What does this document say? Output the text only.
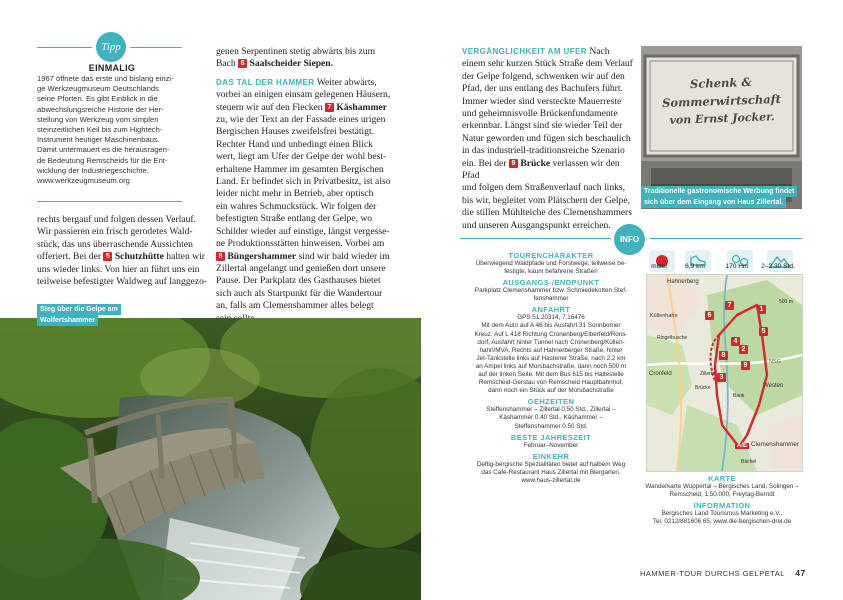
Tipp
EINMALIG
1967 öffnete das erste und bislang einzi-
ge Werkzeugmuseum Deutschlands
seine Pforten. Es gibt Einblick in die
abwechslungsreiche Historie der Her-
stellung von Werkzeug vom simplen
steinzeitlichen Keil bis zum Hightech-
Instrument heutiger Maschinenbaus.
Damit untermauert es die herausragen-
de Bedeutung Remscheids für die Ent-
wicklung der Industriegeschichte.
www.werkzeugmuseum.org
rechts bergauf und folgen dessen Verlauf.
Wir passieren ein frisch gerodetes Wald-
stück, das uns überraschende Aussichten
offeriert. Bei der 5 Schutzhütte halten wir
uns wieder links. Von hier an führt uns ein
teilweise befestigter Waldweg auf langgezo-
genen Serpentinen stetig abwärts bis zum
Bach 6 Saalscheider Siepen.
DAS TAL DER HAMMER Weiter abwärts,
vorbei an einigen einsam gelegenen Häusern,
steuern wir auf den Flecken 7 Käshammer
zu, wie der Text an der Fassade eines urigen
Bergischen Hauses zweifelsfrei bestätigt.
Rechter Hand und unbedingt einen Blick
wert, liegt am Ufer der Gelpe der wohl best-
erhaltene Hammer im gesamten Bergischen
Land. Er befindet sich in Privatbesitz, ist also
leider nicht mehr in Betrieb, aber optisch
ein wahres Schmuckstück. Wir folgen der
befestigten Straße entlang der Gelpe, wo
Schilder wieder auf einstige, längst vergesse-
ne Produktionsstätten hinweisen. Vorbei am
8 Büngershammer sind wir bald wieder im
Zillertal angelangt und genießen dort unsere
Pause. Der Parkplatz des Gasthauses bietet
sich auch als Startpunkt für die Wandertour
an, falls am Clemenshammer alles belegt
Steg über die Gelpe am
Wolfertshammer
VERGÄNGLICHKEIT AM UFER Nach
einem sehr kurzen Stück Straße dem Verlauf
der Gelpe folgend, schwenken wir auf den
Pfad, der uns entlang des Bachufers führt.
Immer wieder sind versteckte Mauerreste
und geheimnisvolle Brückenfundamente
erkennbar. Längst sind sie wieder Teil der
Natur geworden und fügen sich beschaulich
in das industriell-traditionsreiche Szenario
ein. Bei der 9 Brücke verlassen wir den Pfad
und folgen dem Straßenverlauf nach links,
bis wir, begleitet vom Plätschern der Gelpe,
die stillen Mühlteiche des Clemenshammers
und unseren Ausgangspunkt erreichen.
Schenk & Sommerwirtschaft
von Ernst Jocker.
Traditionelle gastronomische Werbung findet
sich über dem Eingang von Haus Zillertal.
INFO
TOURENCHARAKTER
Überwiegend Waldpfade und Forstwege; teilweise be-
festigte, kaum befahrene Straßen
AUSGANGS-/ENDPUNKT
Parkplatz Clemenshammer bzw. Schmiedekotten Stef-
fenshammer
ANFAHRT
GPS 51.20314, 7.16476
Mit dem Auto auf A 46 bis Ausfahrt 31 Sonnborner
Kreuz. Auf L 418 Richtung Cronenberg/Elberfeld/Rons-
dorf, Ausfahrt hinter Tunnel nach Cronenberg/Küllen-
hahn/MVA. Rechts auf Hahnerberger Straße, hinter
Jet-Tankstelle links auf Hastener Straße, nach 2,2 km
an Ampel links auf Morsbachstraße, dann noch 500 m
auf der linken Seite. Mit dem Bus 615 bis Haltestelle
Remscheid-Gerstau von Remscheid Hauptbahnhof,
dann noch ein Stück auf der Morsbachstraße
GEHZEITEN
Steffenshammer – Zillertal 0.50 Std., Zillertal –
Käshammer 0.40 Std., Käshammer –
Steffenshammer 0.50 Std.
BESTE JAHRESZEIT
Februar–November
EINKEHR
Deftig-bergische Spezialitäten bietet auf halbem Weg
das Café-Restaurant Haus Zillertal mit Biergarten.
www.haus-zillertal.de
mittel	6,9 km	170 Hm	2–2.30 Std.
Hahnerberg
Küllenhahn
Ringelbusche
Cronfeld	Zillertal
Brücke
NSG
Westen
Clemenshammer
Bächel
500 m
Bank
A/E
1
2
3
4
5
6
7
8
9
KARTE
Wanderkarte Wuppertal – Bergisches Land, Solingen –
Remscheid, 1:50.000, Freytag-Berndt
INFORMATION
Bergisches Land Tourismus Marketing e.V.,
Tel. 0212/881606 65, www.die-bergischen-drei.de
HAMMER-TOUR DURCHS GELPETAL 47
